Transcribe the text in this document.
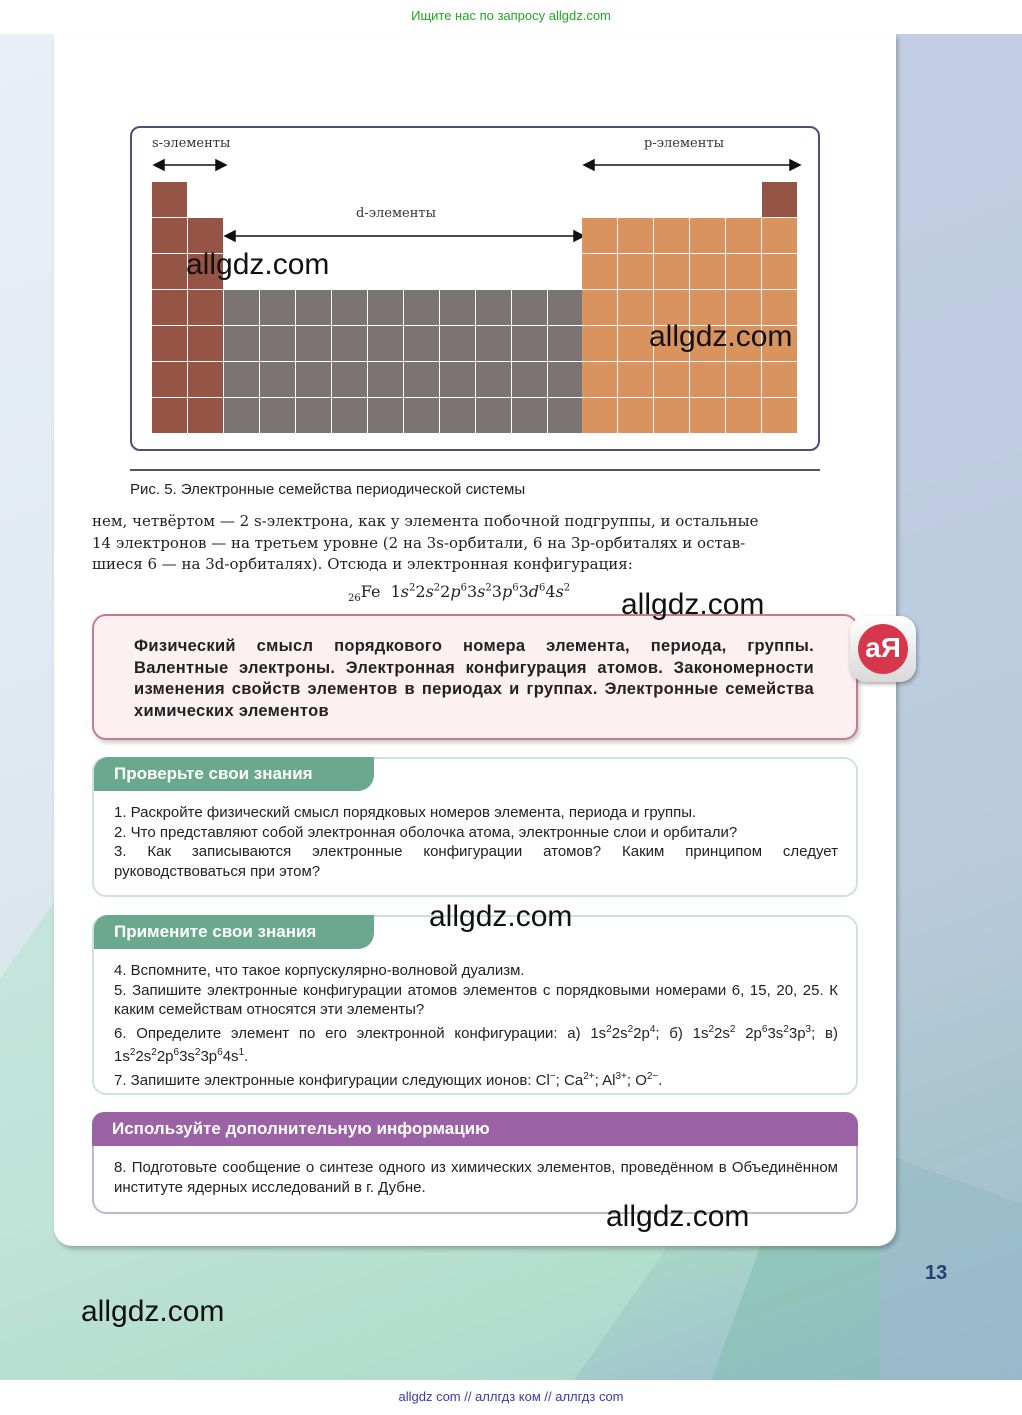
Ищите нас по запросу allgdz.com
s-элементы	p-элементы
d-элементы
Рис. 5. Электронные семейства периодической системы
нем, четвёртом — 2 s-электрона, как у элемента побочной подгруппы, и остальные
14 электронов — на третьем уровне (2 на 3s-орбитали, 6 на 3p-орбиталях и остав-
шиеся 6 — на 3d-орбиталях). Отсюда и электронная конфигурация:
$_{26}$Fe  $1s^22s^22p^63s^23p^63d^64s^2$
Физический смысл порядкового номера элемента, периода, группы. Валентные электроны. Электронная конфигурация атомов. Закономерности изменения свойств элементов в периодах и группах. Электронные семейства химических элементов
аЯ
Проверьте свои знания
1. Раскройте физический смысл порядковых номеров элемента, периода и группы.
2. Что представляют собой электронная оболочка атома, электронные слои и орбитали?
3. Как записываются электронные конфигурации атомов? Каким принципом следует руководствоваться при этом?
Примените свои знания
4. Вспомните, что такое корпускулярно-волновой дуализм.
5. Запишите электронные конфигурации атомов элементов с порядковыми номерами 6, 15, 20, 25. К каким семействам относятся эти элементы?
6. Определите элемент по его электронной конфигурации: а) $1s^22s^22p^4$; б) $1s^22s^2$ $2p^63s^23p^3$; в) $1s^22s^22p^63s^23p^64s^1$.
7. Запишите электронные конфигурации следующих ионов: Cl−; $Ca^{2+}$; $Al^{3+}$; $O^{2-}$.
Используйте дополнительную информацию
8. Подготовьте сообщение о синтезе одного из химических элементов, проведённом в Объединённом институте ядерных исследований в г. Дубне.
13
allgdz.com
allgdz.com
allgdz.com
allgdz.com
allgdz.com
allgdz.com
allgdz com // аллгдз ком // аллгдз com
